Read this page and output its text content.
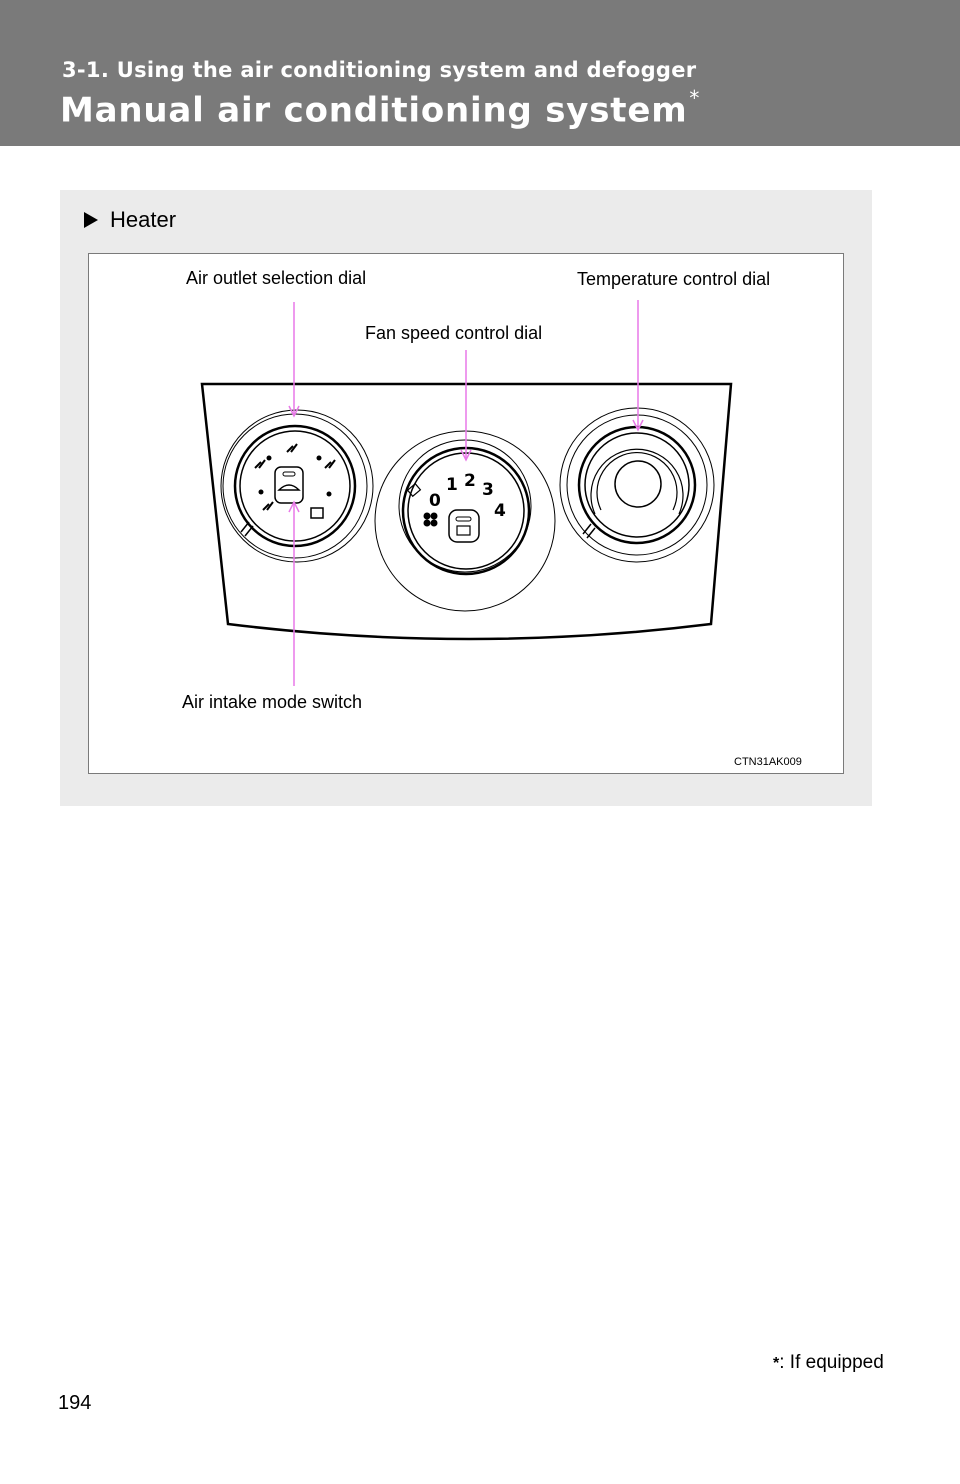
3-1. Using the air conditioning system and defogger
Manual air conditioning system *
Heater
0
1 2 3
4
Air outlet selection dial	Temperature control dial
Fan speed control dial
Air intake mode switch
CTN31AK009
*: If equipped
194
